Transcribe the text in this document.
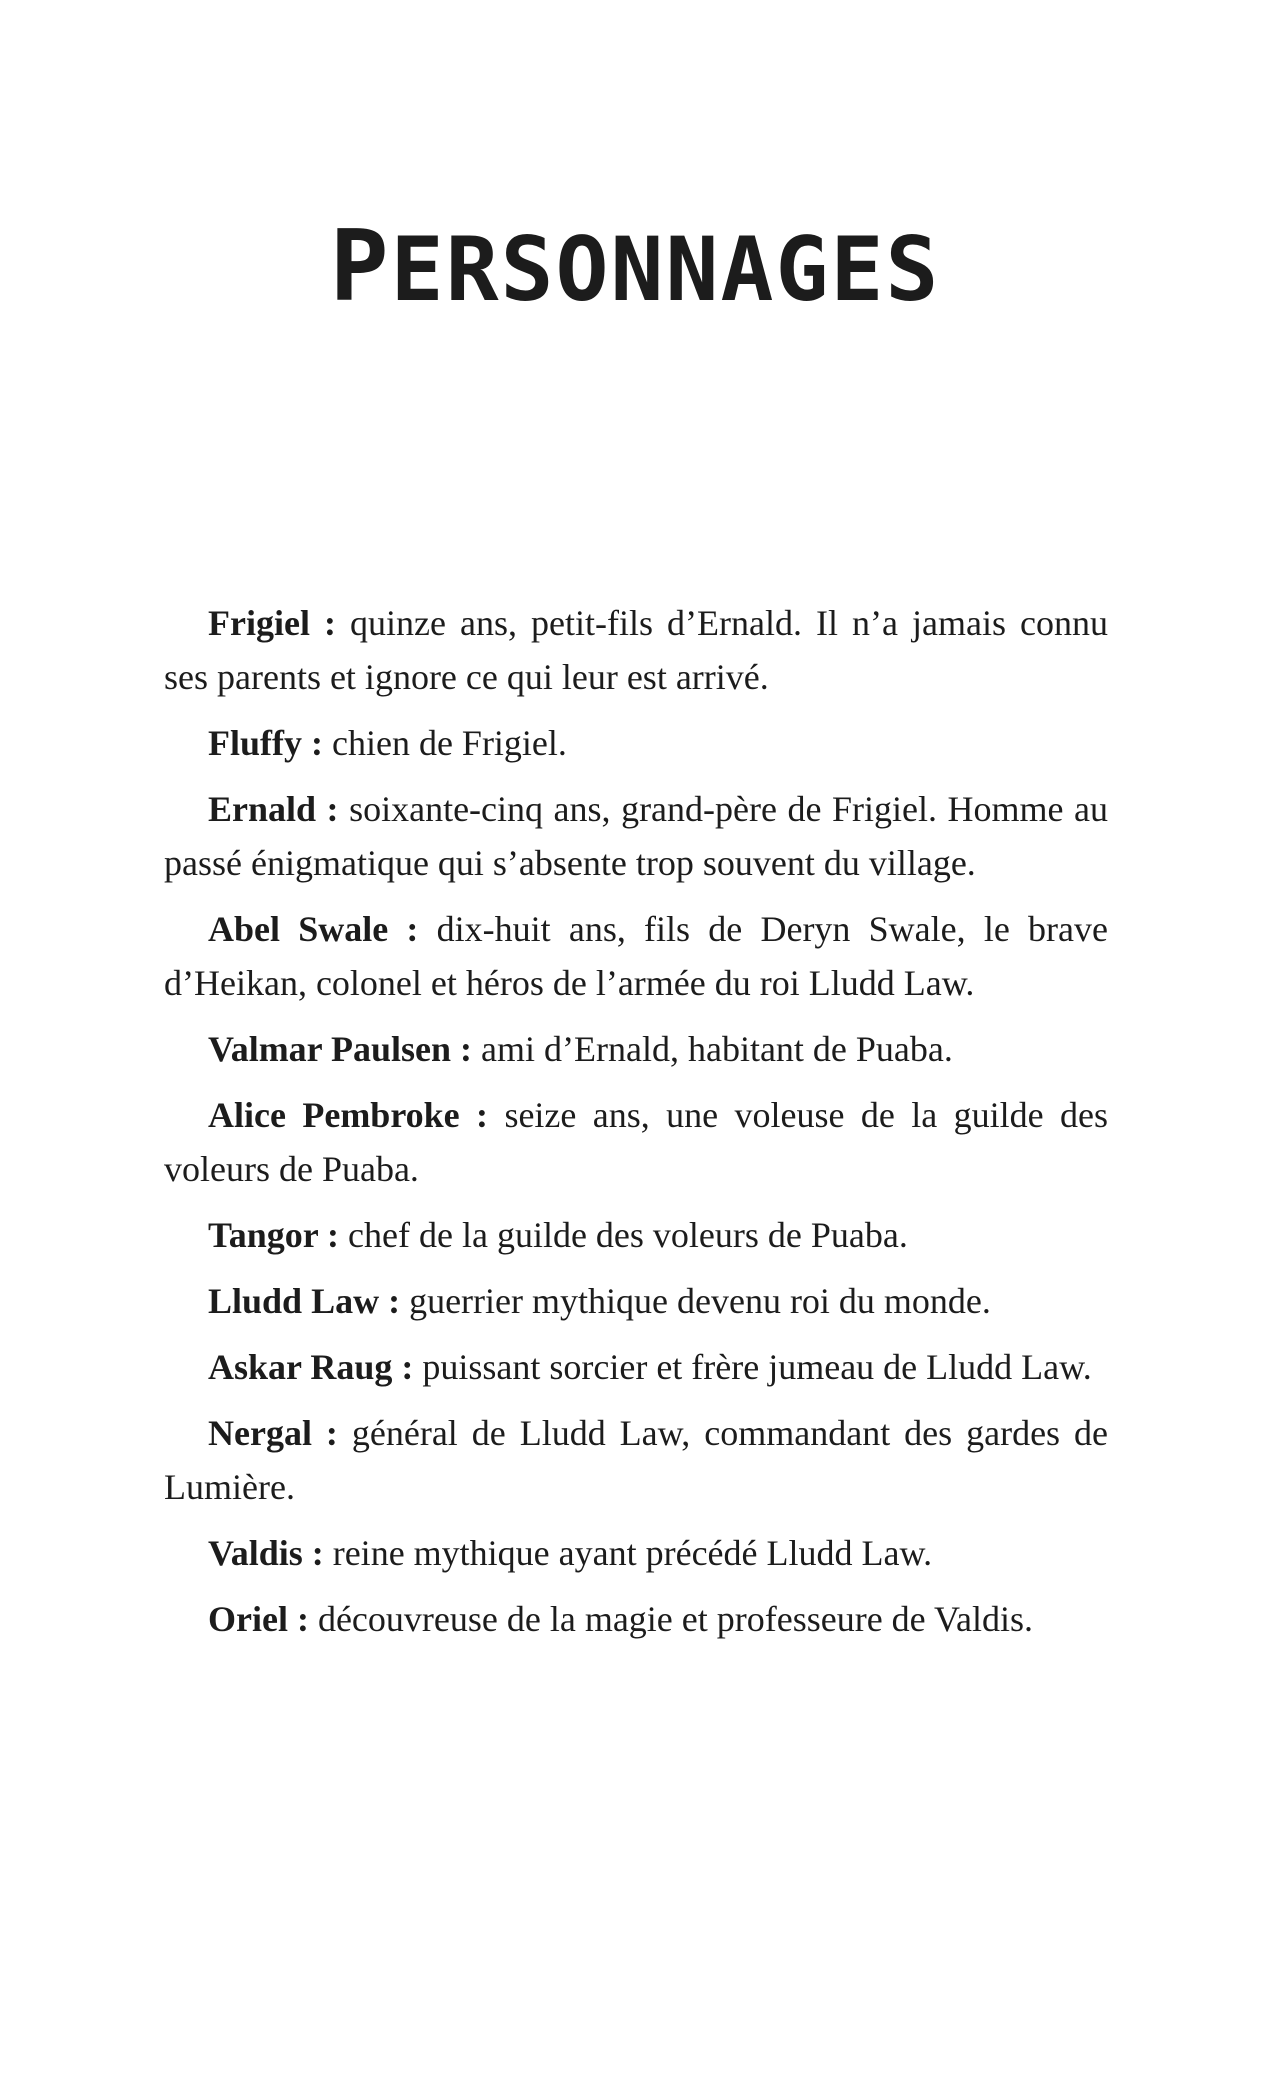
PERSONNAGES
Frigiel : quinze ans, petit-fils d’Ernald. Il n’a jamais connu ses parents et ignore ce qui leur est arrivé.
Fluffy : chien de Frigiel.
Ernald : soixante-cinq ans, grand-père de Frigiel. Homme au passé énigmatique qui s’absente trop souvent du village.
Abel Swale : dix-huit ans, fils de Deryn Swale, le brave d’Heikan, colonel et héros de l’armée du roi Lludd Law.
Valmar Paulsen : ami d’Ernald, habitant de Puaba.
Alice Pembroke : seize ans, une voleuse de la guilde des voleurs de Puaba.
Tangor : chef de la guilde des voleurs de Puaba.
Lludd Law : guerrier mythique devenu roi du monde.
Askar Raug : puissant sorcier et frère jumeau de Lludd Law.
Nergal : général de Lludd Law, commandant des gardes de Lumière.
Valdis : reine mythique ayant précédé Lludd Law.
Oriel : découvreuse de la magie et professeure de Valdis.
